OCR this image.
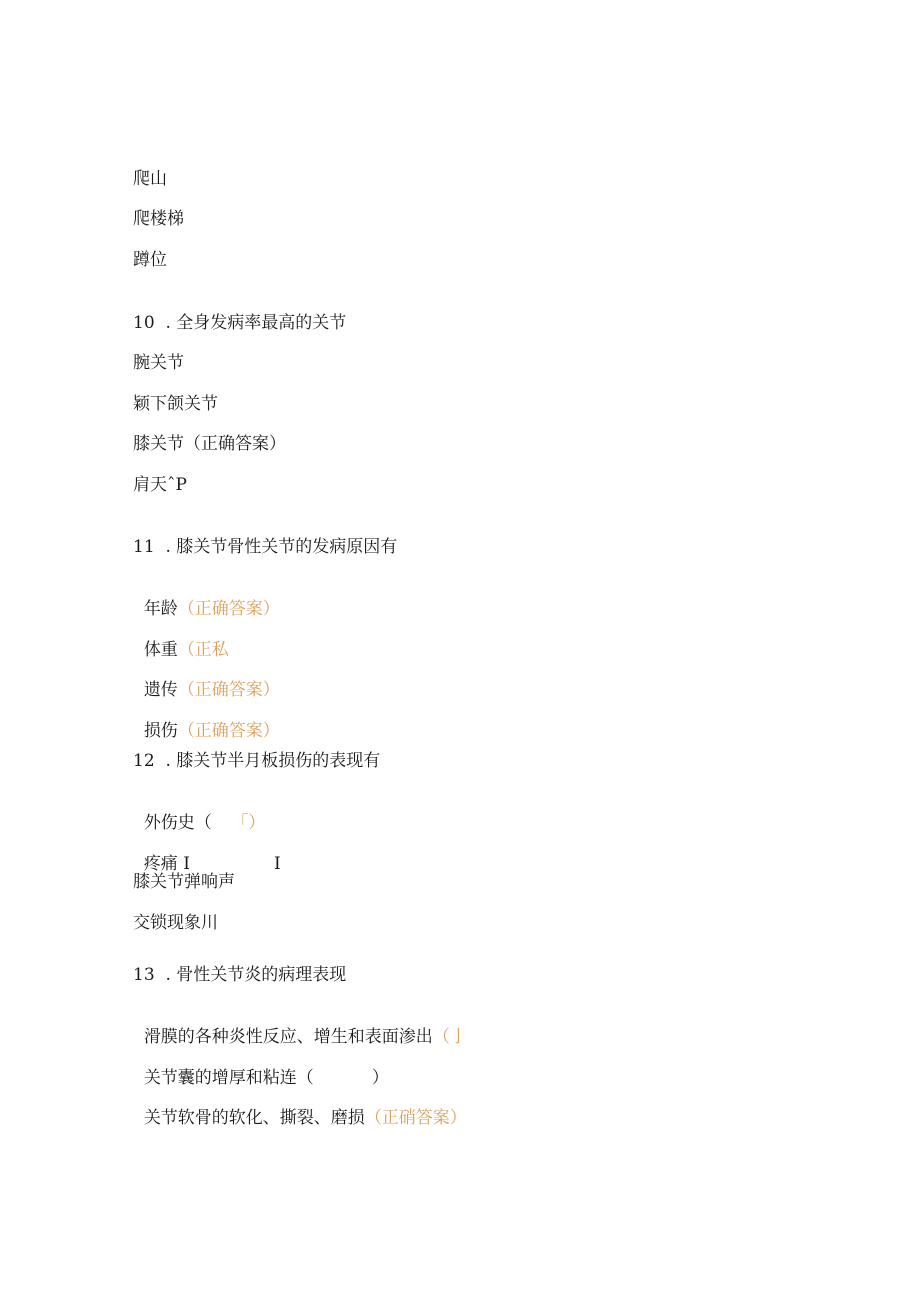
爬山
爬楼梯
蹲位
10  . 全身发病率最高的关节
腕关节
颖下颌关节
膝关节（正确答案）
肩天ˆP
11  . 膝关节骨性关节的发病原因有

年龄（正确答案）

体重（正私

遗传（正确答案）

损伤（正确答案）

12  . 膝关节半月板损伤的表现有

外伤史（ 「）

疼痛 I	I

膝关节弹响声
交锁现象川
13  . 骨性关节炎的病理表现

滑膜的各种炎性反应、增生和表面渗出（亅

关节囊的增厚和粘连（	）

关节软骨的软化、撕裂、磨损（正硝答案）
